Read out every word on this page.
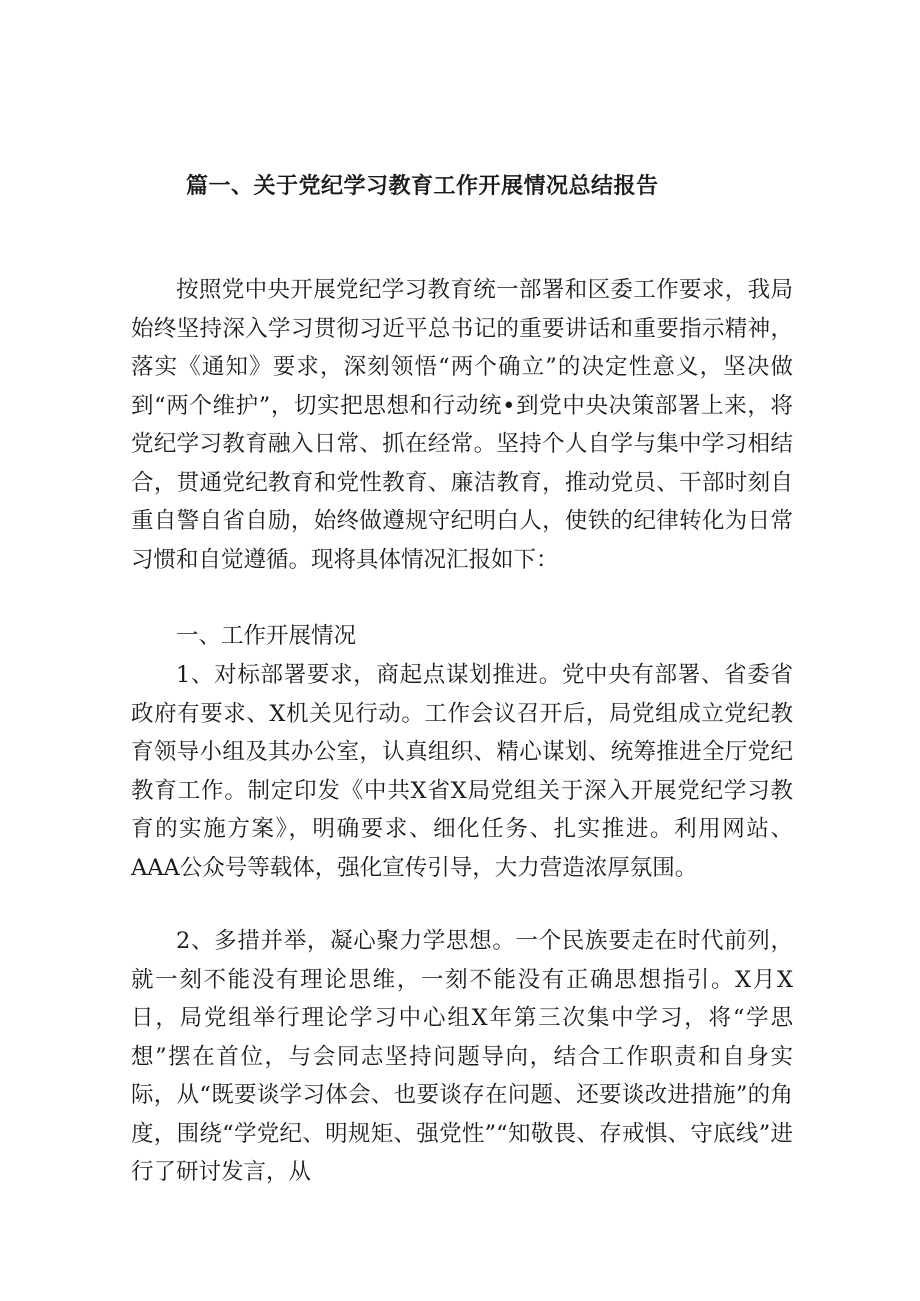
篇一、关于党纪学习教育工作开展情况总结报告

按照党中央开展党纪学习教育统一部署和区委工作要求，我局始终坚持深入学习贯彻习近平总书记的重要讲话和重要指示精神，落实《通知》要求，深刻领悟“两个确立”的决定性意义，坚决做到“两个维护”，切实把思想和行动统•到党中央决策部署上来，将党纪学习教育融入日常、抓在经常。坚持个人自学与集中学习相结合，贯通党纪教育和党性教育、廉洁教育，推动党员、干部时刻自重自警自省自励，始终做遵规守纪明白人，使铁的纪律转化为日常习惯和自觉遵循。现将具体情况汇报如下：

一、工作开展情况

1、对标部署要求，商起点谋划推进。党中央有部署、省委省政府有要求、X机关见行动。工作会议召开后，局党组成立党纪教育领导小组及其办公室，认真组织、精心谋划、统筹推进全厅党纪教育工作。制定印发《中共X省X局党组关于深入开展党纪学习教育的实施方案》，明确要求、细化任务、扎实推进。利用网站、AAA公众号等载体，强化宣传引导，大力营造浓厚氛围。

2、多措并举，凝心聚力学思想。一个民族要走在时代前列，就一刻不能没有理论思维，一刻不能没有正确思想指引。X月X日，局党组举行理论学习中心组X年第三次集中学习，将“学思想”摆在首位，与会同志坚持问题导向，结合工作职责和自身实际，从“既要谈学习体会、也要谈存在问题、还要谈改进措施”的角度，围绕“学党纪、明规矩、强党性”“知敬畏、存戒惧、守底线”进行了研讨发言，从
